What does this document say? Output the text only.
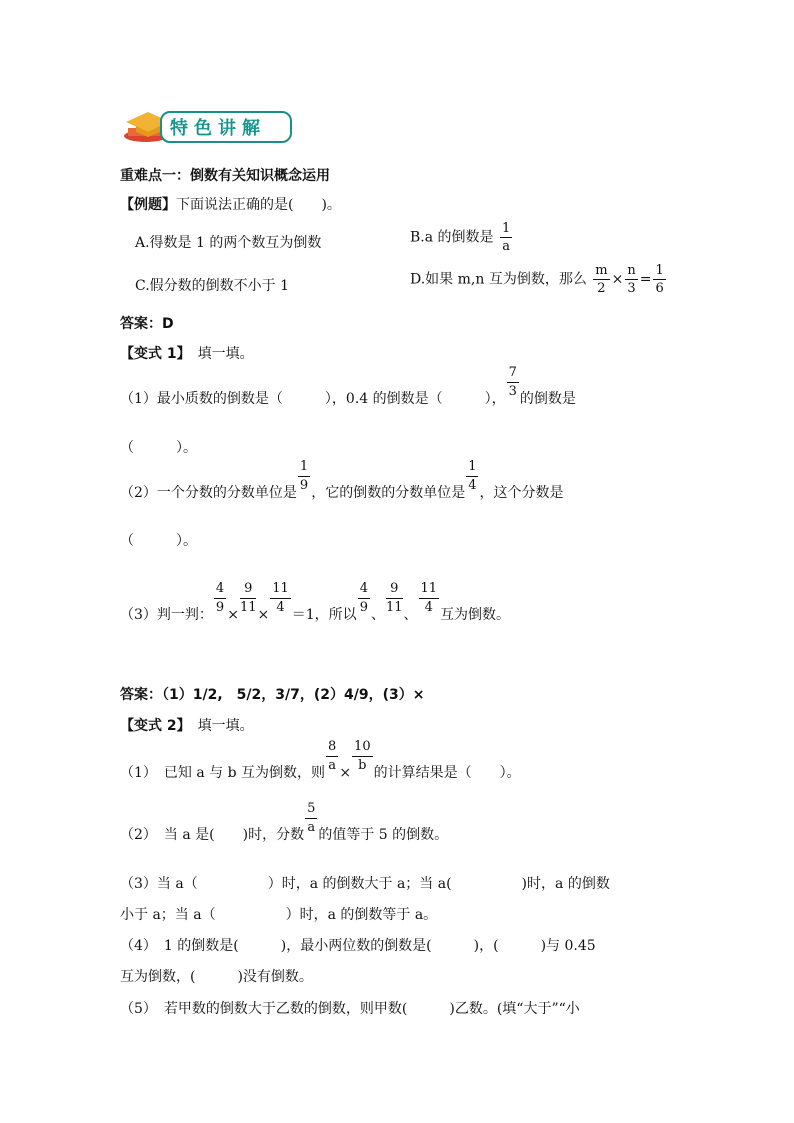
特色讲解
重难点一：倒数有关知识概念运用
【例题】下面说法正确的是(　　)。
A.得数是 1 的两个数互为倒数	B.a 的倒数是 $\frac{1}{a}$
C.假分数的倒数不小于 1	D.如果 m,n 互为倒数，那么 $\frac{m}{2} \times \frac{n}{3} = \frac{1}{6}$
答案：D
【变式 1】　 填一填。
（1）最小质数的倒数是（　　　），0.4 的倒数是（　　　），
$\frac{7}{3}$
的倒数是
（　　　）。
（2）一个分数的分数单位是
$\frac{1}{9}$
，它的倒数的分数单位是
$\frac{1}{4}$
，这个分数是
（　　　）。
（3）判一判：
$\frac{4}{9}$
×
$\frac{9}{11}$
×
$\frac{11}{4}$
＝1，所以
$\frac{4}{9}$
、
$\frac{9}{11}$
、
$\frac{11}{4}$
互为倒数。
答案：（1）1/2,　5/2，3/7，(2）4/9，(3）×
【变式 2】　 填一填。
（1）　已知 a 与 b 互为倒数，则
$\frac{8}{a}$
×
$\frac{10}{b}$
的计算结果是（　　）。
（2）　当 a 是(　　)时，分数
$\frac{5}{a}$
的值等于 5 的倒数。
（3）当 a（　　　　　）时，a 的倒数大于 a；当 a(　　　　　)时，a 的倒数
小于 a；当 a（　　　　　）时，a 的倒数等于 a。
（4）　1 的倒数是(　　　)，最小两位数的倒数是(　　　)，(　　　)与 0.45
互为倒数，(　　　)没有倒数。
（5）　若甲数的倒数大于乙数的倒数，则甲数(　　　)乙数。(填“大于”“小
